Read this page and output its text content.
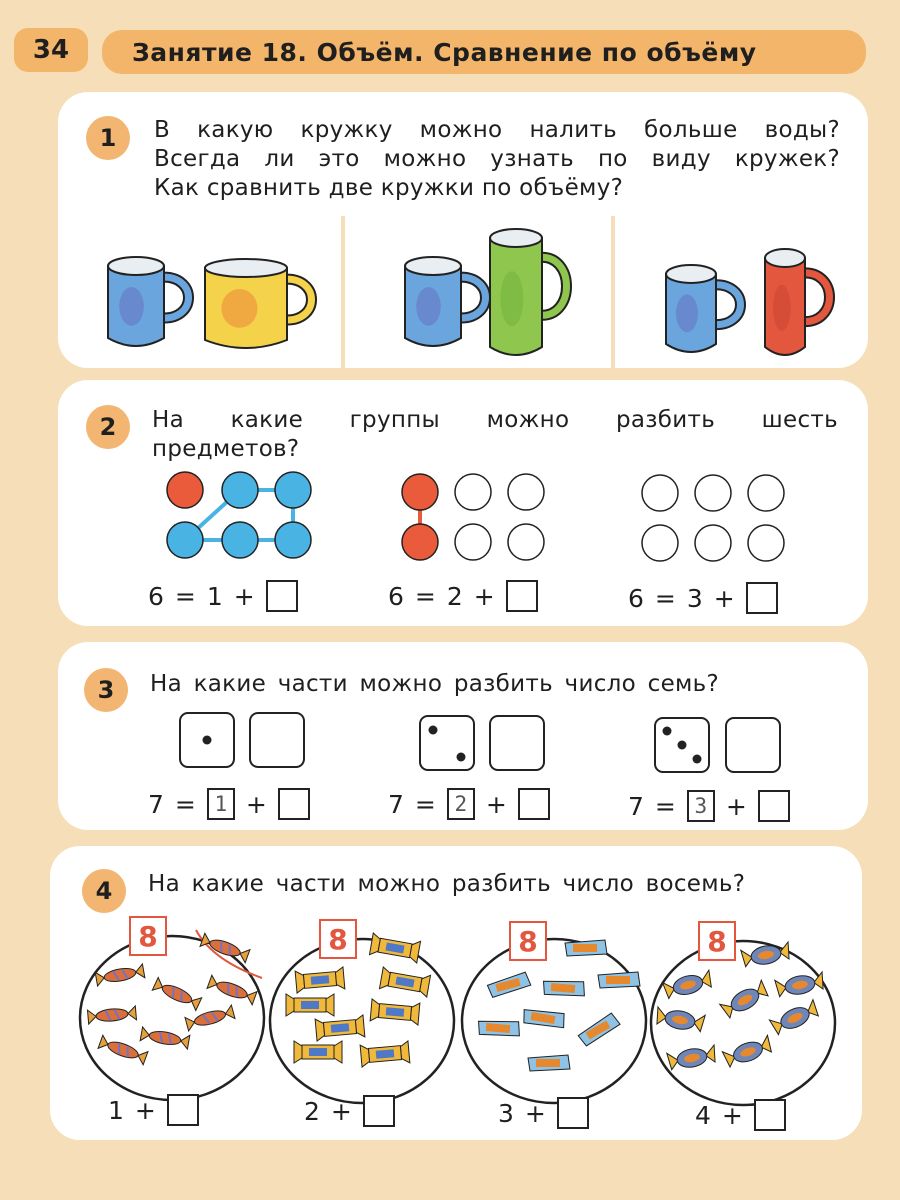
34	Занятие 18. Объём. Сравнение по объёму
1	В какую кружку можно налить больше воды?
Всегда ли это можно узнать по виду кружек?
Как сравнить две кружки по объёму?
2	На какие группы можно разбить шесть
предметов?
6 = 1 +	6 = 2 +	6 = 3 +
3	На какие части можно разбить число семь?
7 = 1 +	7 = 2 +	7 = 3 +
4	На какие части можно разбить число восемь?
8	8	8	8
1 +	2 +	3 +	4 +
